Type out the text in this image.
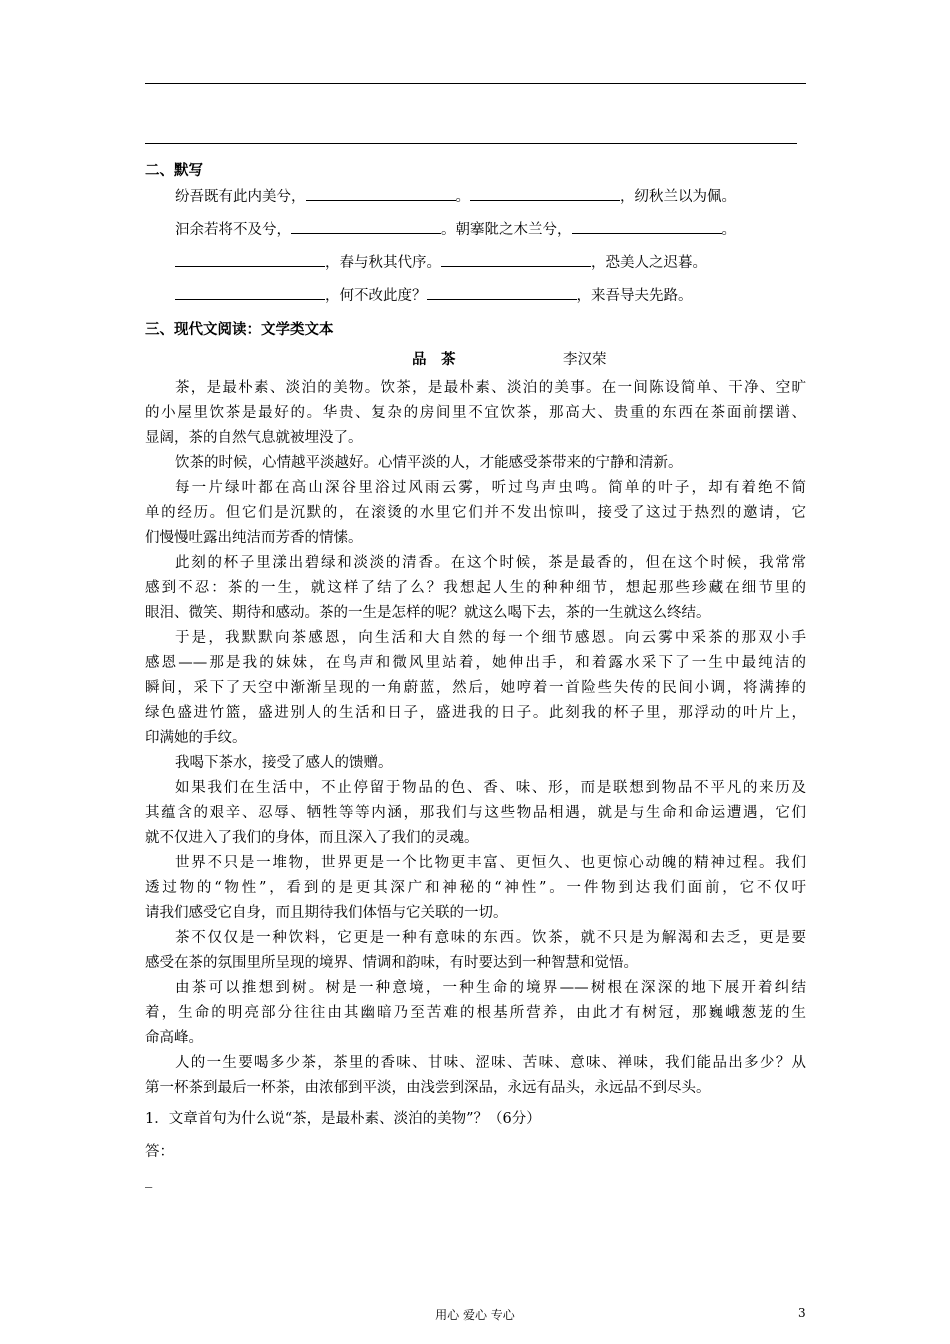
二、默写
纷吾既有此内美兮，	。	，纫秋兰以为佩。
汩余若将不及兮，	。朝搴阰之木兰兮，	。
，春与秋其代序。	，恐美人之迟暮。
，何不改此度？	，来吾导夫先路。
三、现代文阅读：文学类文本
品　茶	李汉荣
茶，是最朴素、淡泊的美物。饮茶，是最朴素、淡泊的美事。在一间陈设简单、干净、空旷
的小屋里饮茶是最好的。华贵、复杂的房间里不宜饮茶，那高大、贵重的东西在茶面前摆谱、
显阔，茶的自然气息就被埋没了。
饮茶的时候，心情越平淡越好。心情平淡的人，才能感受茶带来的宁静和清新。
每一片绿叶都在高山深谷里浴过风雨云雾，听过鸟声虫鸣。简单的叶子，却有着绝不简
单的经历。但它们是沉默的，在滚烫的水里它们并不发出惊叫，接受了这过于热烈的邀请，它
们慢慢吐露出纯洁而芳香的情愫。
此刻的杯子里漾出碧绿和淡淡的清香。在这个时候，茶是最香的，但在这个时候，我常常
感到不忍：茶的一生，就这样了结了么？我想起人生的种种细节，想起那些珍藏在细节里的
眼泪、微笑、期待和感动。茶的一生是怎样的呢？就这么喝下去，茶的一生就这么终结。
于是，我默默向茶感恩，向生活和大自然的每一个细节感恩。向云雾中采茶的那双小手
感恩——那是我的妹妹，在鸟声和微风里站着，她伸出手，和着露水采下了一生中最纯洁的
瞬间，采下了天空中渐渐呈现的一角蔚蓝，然后，她哼着一首险些失传的民间小调，将满捧的
绿色盛进竹篮，盛进别人的生活和日子，盛进我的日子。此刻我的杯子里，那浮动的叶片上，
印满她的手纹。
我喝下茶水，接受了感人的馈赠。
如果我们在生活中，不止停留于物品的色、香、味、形，而是联想到物品不平凡的来历及
其蕴含的艰辛、忍辱、牺牲等等内涵，那我们与这些物品相遇，就是与生命和命运遭遇，它们
就不仅进入了我们的身体，而且深入了我们的灵魂。
世界不只是一堆物，世界更是一个比物更丰富、更恒久、也更惊心动魄的精神过程。我们
透过物的“物性”，看到的是更其深广和神秘的“神性”。一件物到达我们面前，它不仅吁
请我们感受它自身，而且期待我们体悟与它关联的一切。
茶不仅仅是一种饮料，它更是一种有意味的东西。饮茶，就不只是为解渴和去乏，更是要
感受在茶的氛围里所呈现的境界、情调和韵味，有时要达到一种智慧和觉悟。
由茶可以推想到树。树是一种意境，一种生命的境界——树根在深深的地下展开着纠结
着，生命的明亮部分往往由其幽暗乃至苦难的根基所营养，由此才有树冠，那巍峨葱茏的生
命高峰。
人的一生要喝多少茶，茶里的香味、甘味、涩味、苦味、意味、禅味，我们能品出多少？从
第一杯茶到最后一杯茶，由浓郁到平淡，由浅尝到深品，永远有品头，永远品不到尽头。
1．文章首句为什么说“茶，是最朴素、淡泊的美物”？（6分）
答：
_
用心 爱心 专心	3
